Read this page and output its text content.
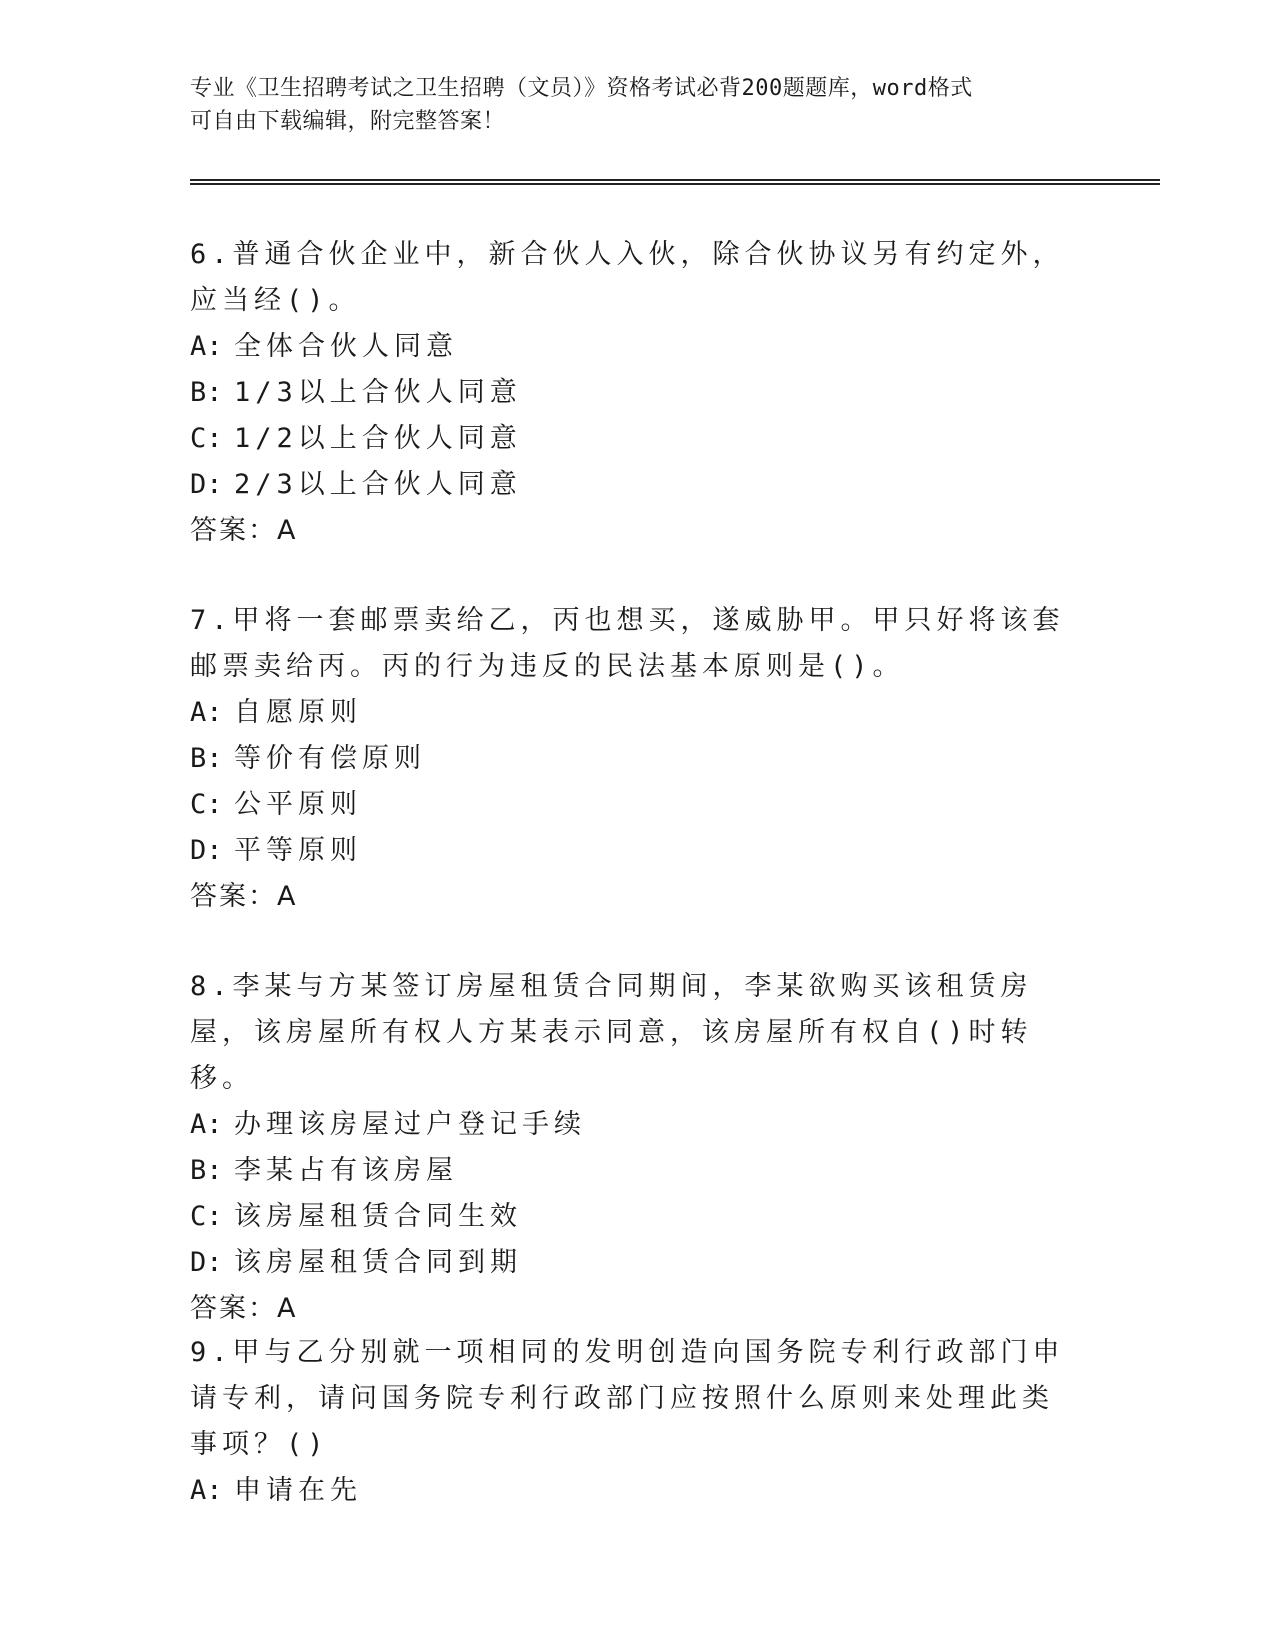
专业《卫生招聘考试之卫生招聘（文员）》资格考试必背200题题库，word格式
可自由下载编辑，附完整答案！
6.普通合伙企业中，新合伙人入伙，除合伙协议另有约定外，应当经()。
A: 全体合伙人同意
B: 1/3以上合伙人同意
C: 1/2以上合伙人同意
D: 2/3以上合伙人同意
答案：A
7.甲将一套邮票卖给乙，丙也想买，遂威胁甲。甲只好将该套邮票卖给丙。丙的行为违反的民法基本原则是()。
A: 自愿原则
B: 等价有偿原则
C: 公平原则
D: 平等原则
答案：A
8.李某与方某签订房屋租赁合同期间，李某欲购买该租赁房屋，该房屋所有权人方某表示同意，该房屋所有权自()时转移。
A: 办理该房屋过户登记手续
B: 李某占有该房屋
C: 该房屋租赁合同生效
D: 该房屋租赁合同到期
答案：A
9.甲与乙分别就一项相同的发明创造向国务院专利行政部门申请专利，请问国务院专利行政部门应按照什么原则来处理此类事项？()
A: 申请在先
